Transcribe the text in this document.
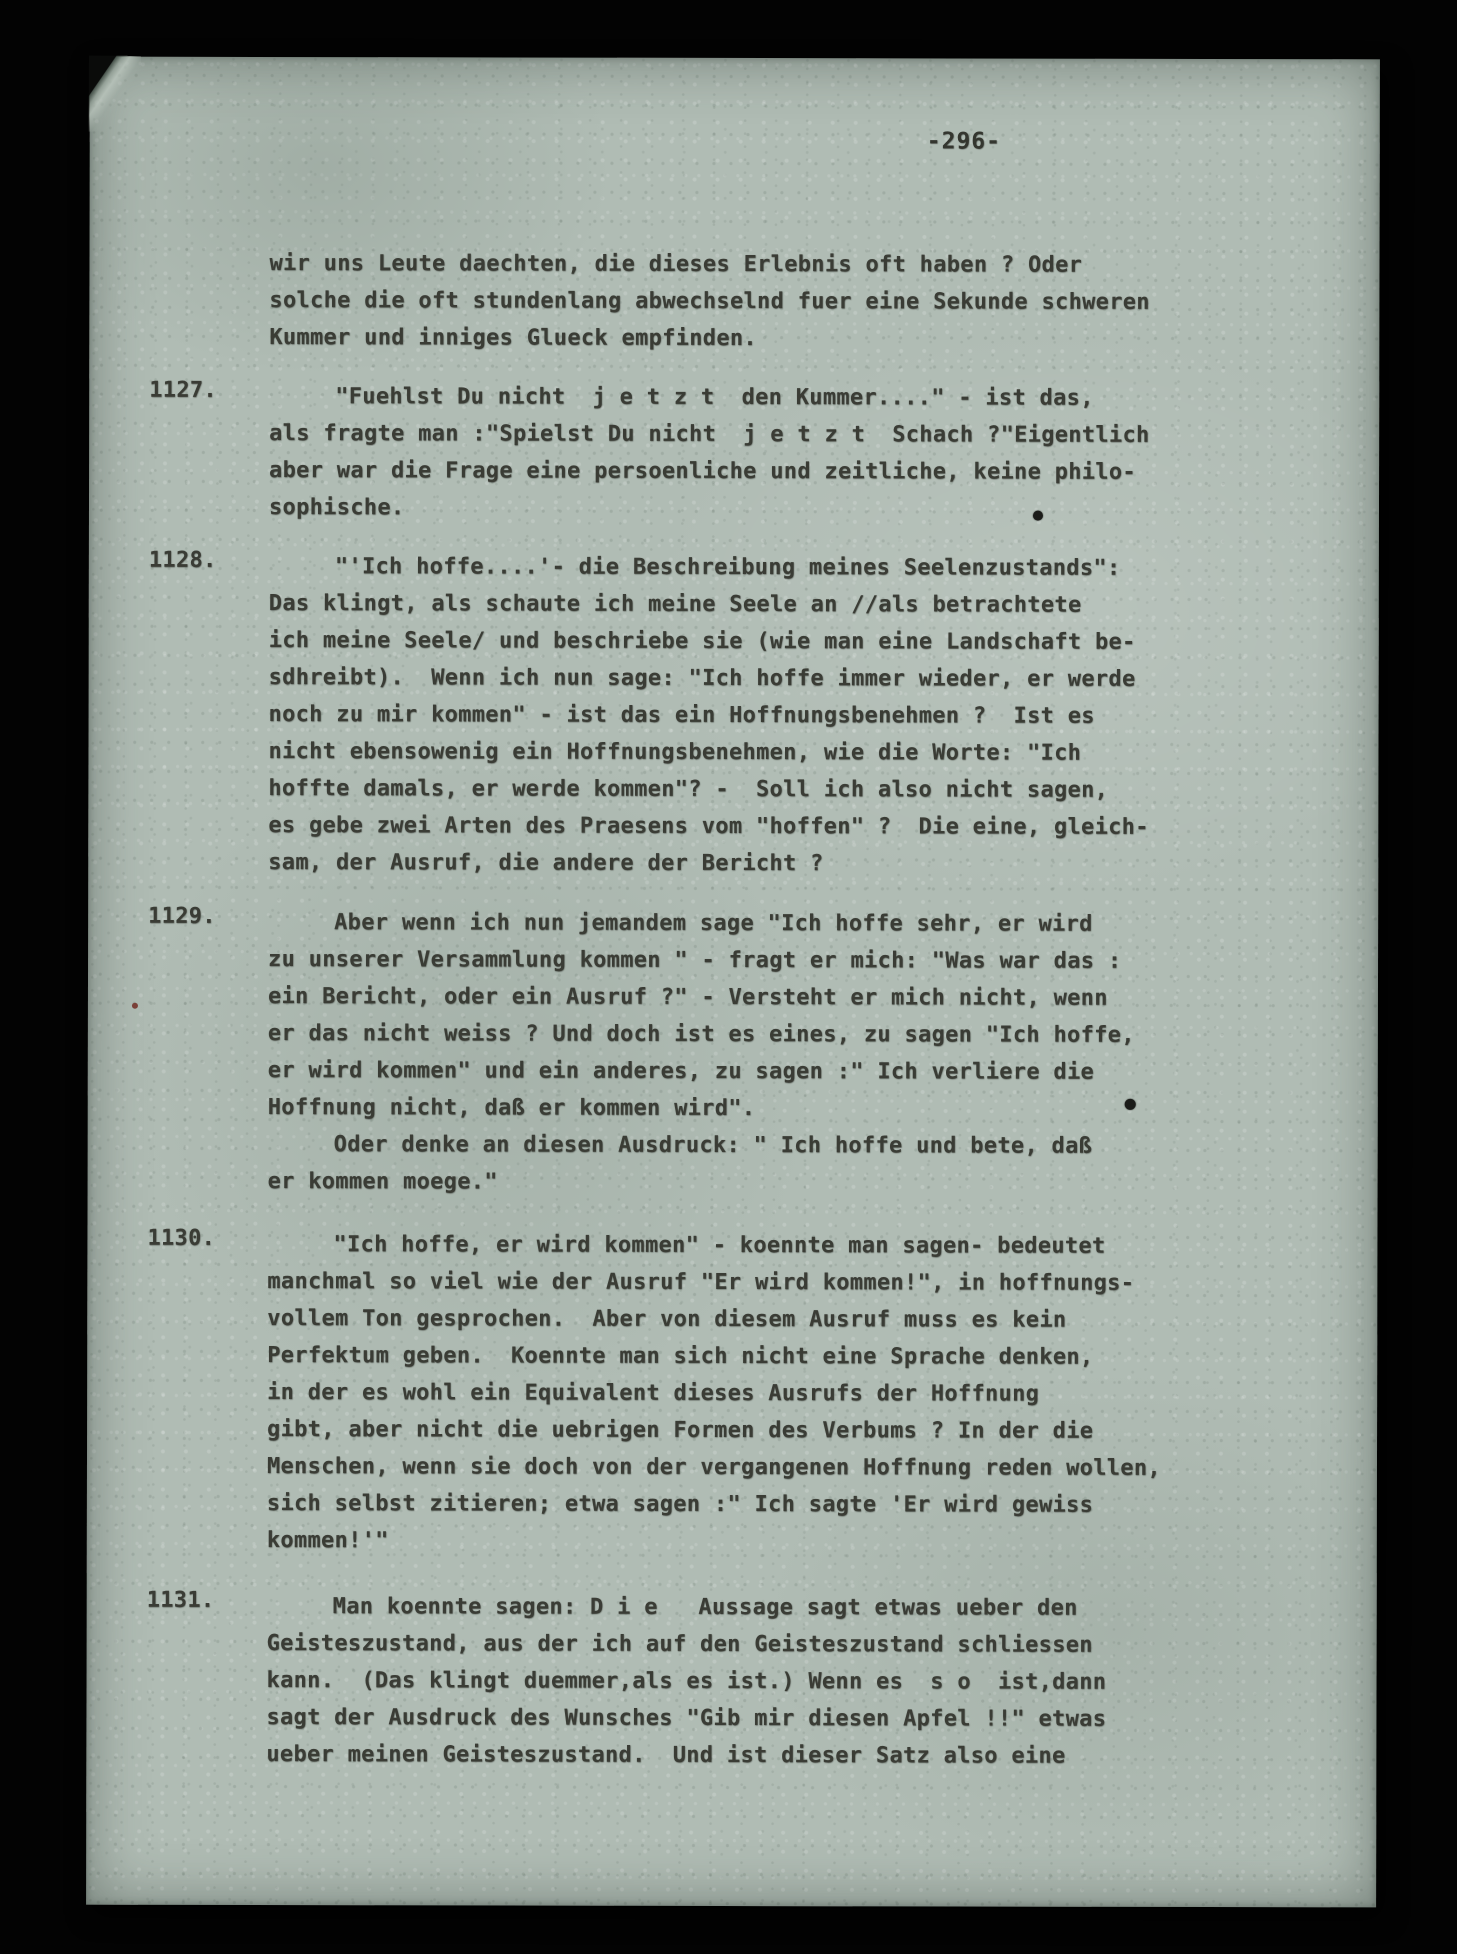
-296-
wir uns Leute daechten, die dieses Erlebnis oft haben ? Oder
solche die oft stundenlang abwechselnd fuer eine Sekunde schweren
Kummer und inniges Glueck empfinden.
1127.	"Fuehlst Du nicht  j e t z t  den Kummer...." - ist das,
als fragte man :"Spielst Du nicht  j e t z t  Schach ?"Eigentlich
aber war die Frage eine persoenliche und zeitliche, keine philo-
sophische.
1128.	"'Ich hoffe....'- die Beschreibung meines Seelenzustands":
Das klingt, als schaute ich meine Seele an //als betrachtete
ich meine Seele/ und beschriebe sie (wie man eine Landschaft be-
sdhreibt).  Wenn ich nun sage: "Ich hoffe immer wieder, er werde
noch zu mir kommen" - ist das ein Hoffnungsbenehmen ?  Ist es
nicht ebensowenig ein Hoffnungsbenehmen, wie die Worte: "Ich
hoffte damals, er werde kommen"? -  Soll ich also nicht sagen,
es gebe zwei Arten des Praesens vom "hoffen" ?  Die eine, gleich-
sam, der Ausruf, die andere der Bericht ?
1129.	Aber wenn ich nun jemandem sage "Ich hoffe sehr, er wird
zu unserer Versammlung kommen " - fragt er mich: "Was war das :
ein Bericht, oder ein Ausruf ?" - Versteht er mich nicht, wenn
er das nicht weiss ? Und doch ist es eines, zu sagen "Ich hoffe,
er wird kommen" und ein anderes, zu sagen :" Ich verliere die
Hoffnung nicht, daß er kommen wird".
Oder denke an diesen Ausdruck: " Ich hoffe und bete, daß
er kommen moege."
1130.	"Ich hoffe, er wird kommen" - koennte man sagen- bedeutet
manchmal so viel wie der Ausruf "Er wird kommen!", in hoffnungs-
vollem Ton gesprochen.  Aber von diesem Ausruf muss es kein
Perfektum geben.  Koennte man sich nicht eine Sprache denken,
in der es wohl ein Equivalent dieses Ausrufs der Hoffnung
gibt, aber nicht die uebrigen Formen des Verbums ? In der die
Menschen, wenn sie doch von der vergangenen Hoffnung reden wollen,
sich selbst zitieren; etwa sagen :" Ich sagte 'Er wird gewiss
kommen!'"
1131.	Man koennte sagen: D i e   Aussage sagt etwas ueber den
Geisteszustand, aus der ich auf den Geisteszustand schliessen
kann.  (Das klingt duemmer,als es ist.) Wenn es  s o  ist,dann
sagt der Ausdruck des Wunsches "Gib mir diesen Apfel !!" etwas
ueber meinen Geisteszustand.  Und ist dieser Satz also eine
